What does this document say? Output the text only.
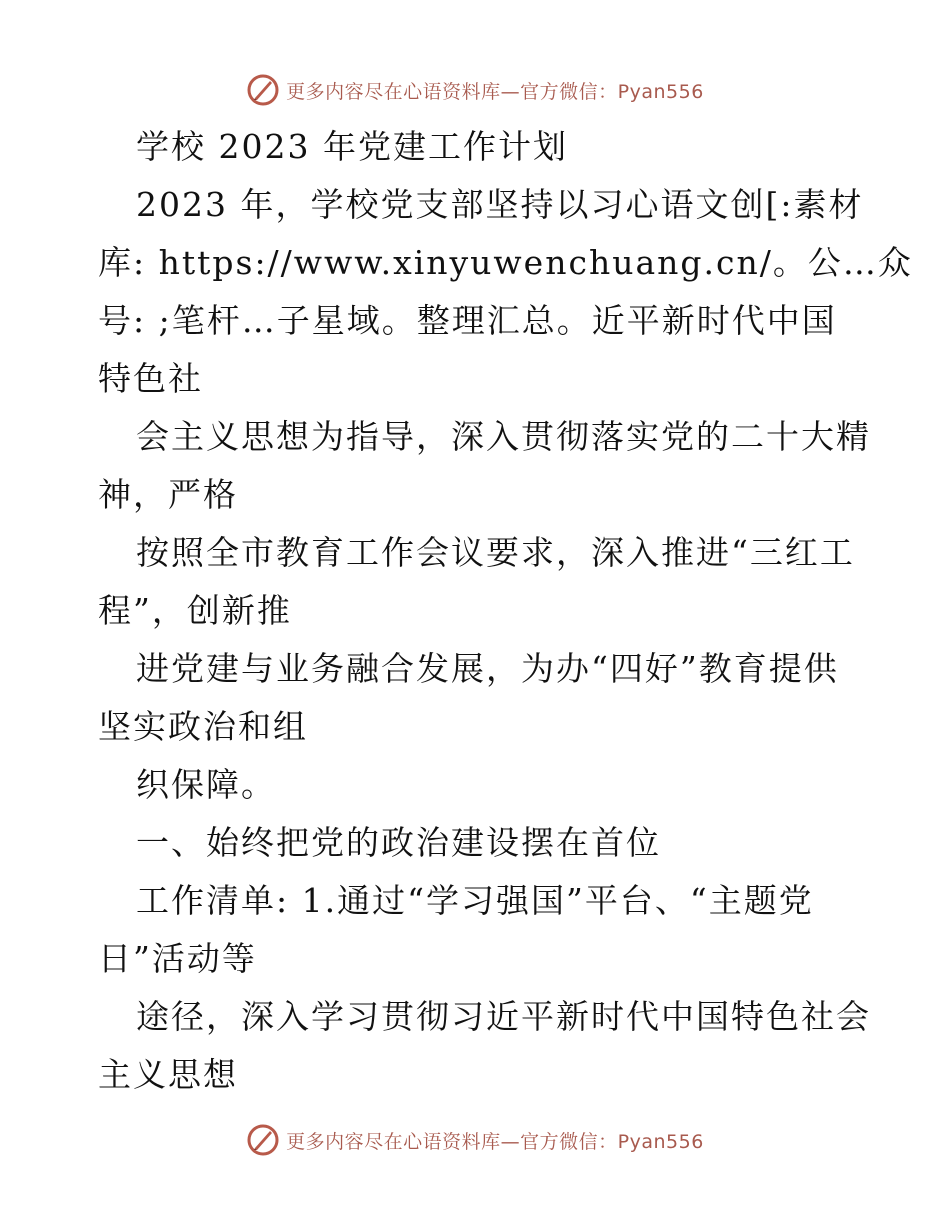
更多内容尽在心语资料库—官方微信：Pyan556
学校 2023 年党建工作计划
2023 年，学校党支部坚持以习心语文创[:素材
库: https://www.xinyuwenchuang.cn/。公…众
号: ;笔杆…子星域。整理汇总。近平新时代中国
特色社
会主义思想为指导，深入贯彻落实党的二十大精
神，严格
按照全市教育工作会议要求，深入推进“三红工
程”，创新推
进党建与业务融合发展，为办“四好”教育提供
坚实政治和组
织保障。
一、始终把党的政治建设摆在首位
工作清单: 1.通过“学习强国”平台、“主题党
日”活动等
途径，深入学习贯彻习近平新时代中国特色社会
主义思想
更多内容尽在心语资料库—官方微信：Pyan556
